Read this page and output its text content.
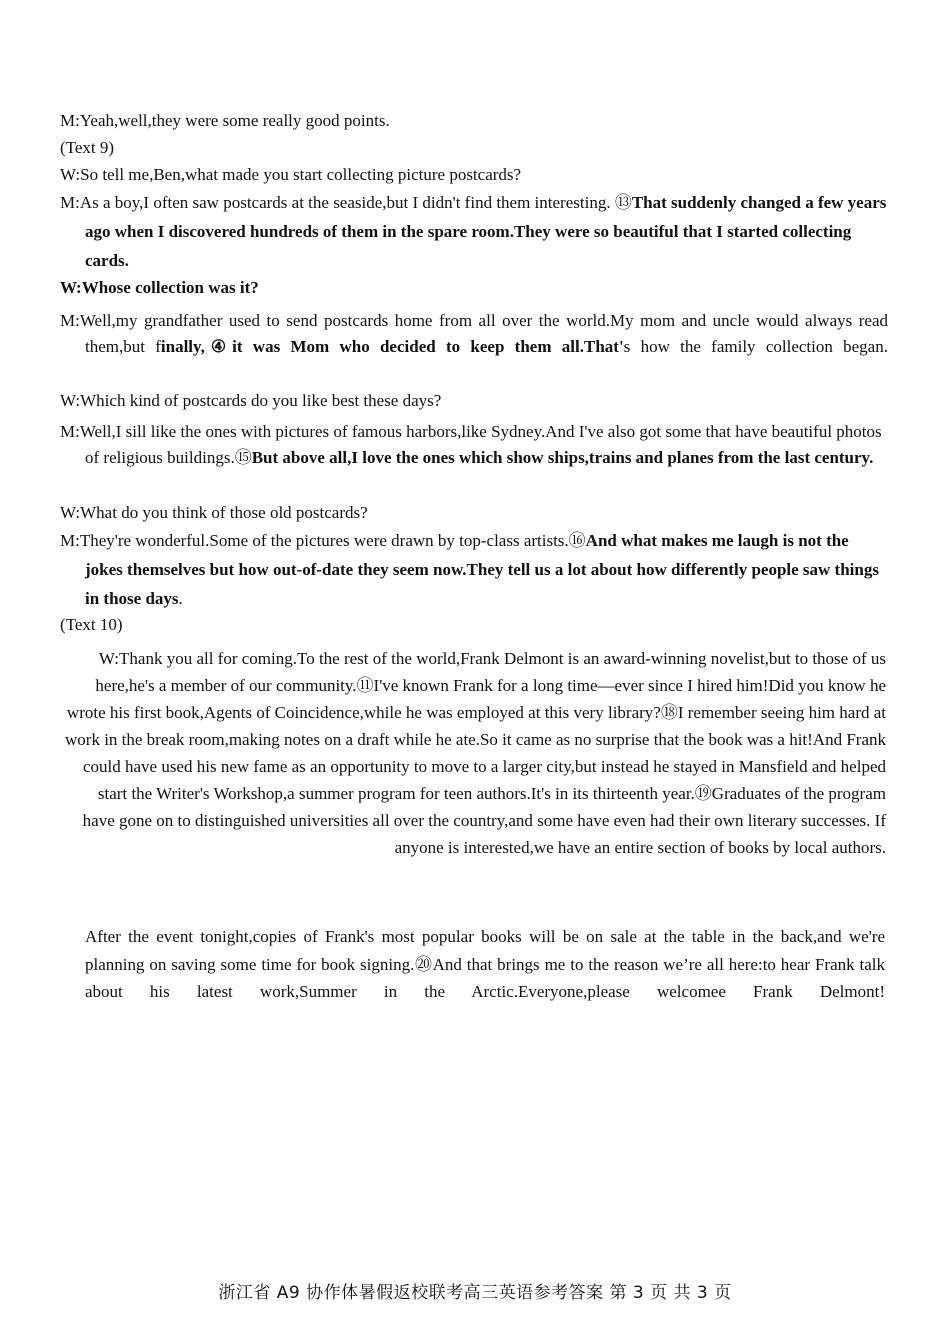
M:Yeah,well,they were some really good points.
(Text 9)
W:So tell me,Ben,what made you start collecting picture postcards?
M:As a boy,I often saw postcards at the seaside,but I didn't find them interesting. ⑬That suddenly changed a few years ago when I discovered hundreds of them in the spare room.They were so beautiful that I started collecting cards.
W:Whose collection was it?
M:Well,my grandfather used to send postcards home from all over the world.My mom and uncle would always read them,but finally,④it was Mom who decided to keep them all.That's how the family collection began.
W:Which kind of postcards do you like best these days?
M:Well,I sill like the ones with pictures of famous harbors,like Sydney.And I've also got some that have beautiful photos of religious buildings.⑮But above all,I love the ones which show ships,trains and planes from the last century.
W:What do you think of those old postcards?
M:They're wonderful.Some of the pictures were drawn by top-class artists.⑯And what makes me laugh is not the jokes themselves but how out-of-date they seem now.They tell us a lot about how differently people saw things in those days.
(Text 10)
W:Thank you all for coming.To the rest of the world,Frank Delmont is an award-winning novelist,but to those of us here,he's a member of our community.⑪I've known Frank for a long time—ever since I hired him!Did you know he wrote his first book,Agents of Coincidence,while he was employed at this very library?⑱I remember seeing him hard at work in the break room,making notes on a draft while he ate.So it came as no surprise that the book was a hit!And Frank could have used his new fame as an opportunity to move to a larger city,but instead he stayed in Mansfield and helped start the Writer's Workshop,a summer program for teen authors.It's in its thirteenth year.⑲Graduates of the program have gone on to distinguished universities all over the country,and some have even had their own literary successes. If anyone is interested,we have an entire section of books by local authors.
After the event tonight,copies of Frank's most popular books will be on sale at the table in the back,and we're planning on saving some time for book signing.⑳And that brings me to the reason we’re all here:to hear Frank talk about his latest work,Summer in the Arctic.Everyone,please welcomee Frank Delmont!
浙江省 A9 协作体暑假返校联考高三英语参考答案 第 3 页 共 3 页
